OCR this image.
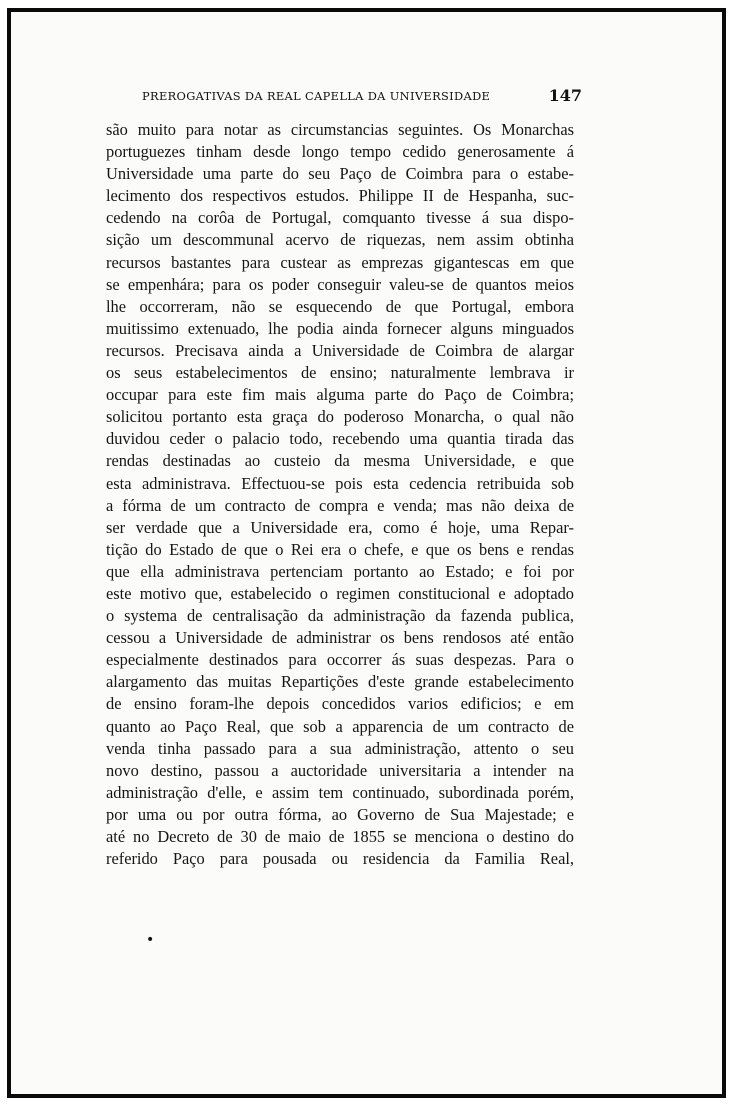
PREROGATIVAS DA REAL CAPELLA DA UNIVERSIDADE	147
são muito para notar as circumstancias seguintes. Os Monarchas
portuguezes tinham desde longo tempo cedido generosamente á
Universidade uma parte do seu Paço de Coimbra para o estabe-
lecimento dos respectivos estudos. Philippe II de Hespanha, suc-
cedendo na corôa de Portugal, comquanto tivesse á sua dispo-
sição um descommunal acervo de riquezas, nem assim obtinha
recursos bastantes para custear as emprezas gigantescas em que
se empenhára; para os poder conseguir valeu-se de quantos meios
lhe occorreram, não se esquecendo de que Portugal, embora
muitissimo extenuado, lhe podia ainda fornecer alguns minguados
recursos. Precisava ainda a Universidade de Coimbra de alargar
os seus estabelecimentos de ensino; naturalmente lembrava ir
occupar para este fim mais alguma parte do Paço de Coimbra;
solicitou portanto esta graça do poderoso Monarcha, o qual não
duvidou ceder o palacio todo, recebendo uma quantia tirada das
rendas destinadas ao custeio da mesma Universidade, e que
esta administrava. Effectuou-se pois esta cedencia retribuida sob
a fórma de um contracto de compra e venda; mas não deixa de
ser verdade que a Universidade era, como é hoje, uma Repar-
tição do Estado de que o Rei era o chefe, e que os bens e rendas
que ella administrava pertenciam portanto ao Estado; e foi por
este motivo que, estabelecido o regimen constitucional e adoptado
o systema de centralisação da administração da fazenda publica,
cessou a Universidade de administrar os bens rendosos até então
especialmente destinados para occorrer ás suas despezas. Para o
alargamento das muitas Repartições d'este grande estabelecimento
de ensino foram-lhe depois concedidos varios edificios; e em
quanto ao Paço Real, que sob a apparencia de um contracto de
venda tinha passado para a sua administração, attento o seu
novo destino, passou a auctoridade universitaria a intender na
administração d'elle, e assim tem continuado, subordinada porém,
por uma ou por outra fórma, ao Governo de Sua Majestade; e
até no Decreto de 30 de maio de 1855 se menciona o destino do
referido Paço para pousada ou residencia da Familia Real,
•
